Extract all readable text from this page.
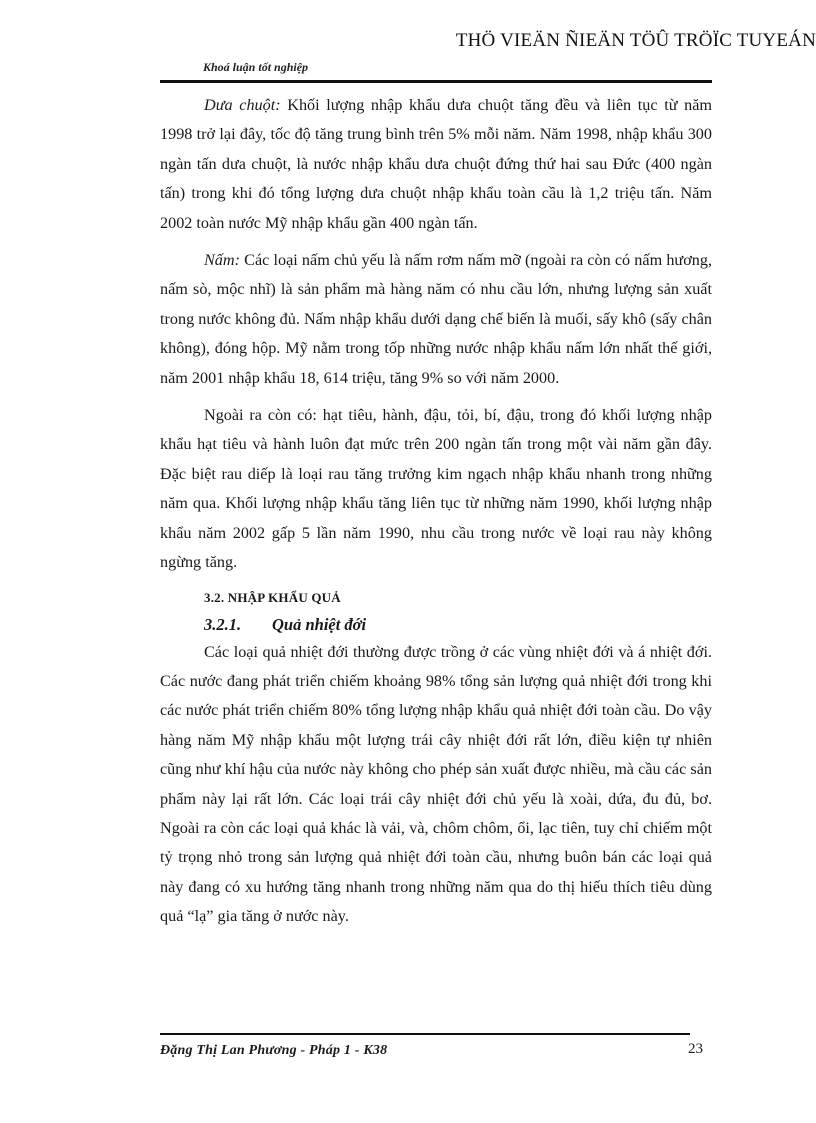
THÖ VIEÄN ÑIEÄN TÖÛ TRÖÏC TUYEÁN
Khoá luận tốt nghiệp

Dưa chuột: Khối lượng nhập khẩu dưa chuột tăng đều và liên tục từ năm 1998 trở lại đây, tốc độ tăng trung bình trên 5% mỗi năm. Năm 1998, nhập khẩu 300 ngàn tấn dưa chuột, là nước nhập khẩu dưa chuột đứng thứ hai sau Đức (400 ngàn tấn) trong khi đó tổng lượng dưa chuột nhập khẩu toàn cầu là 1,2 triệu tấn. Năm 2002 toàn nước Mỹ nhập khẩu gần 400 ngàn tấn.

Nấm: Các loại nấm chủ yếu là nấm rơm nấm mỡ (ngoài ra còn có nấm hương, nấm sò, mộc nhĩ) là sản phẩm mà hàng năm có nhu cầu lớn, nhưng lượng sản xuất trong nước không đủ. Nấm nhập khẩu dưới dạng chế biến là muối, sấy khô (sấy chân không), đóng hộp. Mỹ nằm trong tốp những nước nhập khẩu nấm lớn nhất thế giới, năm 2001 nhập khẩu 18, 614 triệu, tăng 9% so với năm 2000.

Ngoài ra còn có: hạt tiêu, hành, đậu, tỏi, bí, đậu, trong đó khối lượng nhập khẩu hạt tiêu và hành luôn đạt mức trên 200 ngàn tấn trong một vài năm gần đây. Đặc biệt rau diếp là loại rau tăng trưởng kim ngạch nhập khẩu nhanh trong những năm qua. Khối lượng nhập khẩu tăng liên tục từ những năm 1990, khối lượng nhập khẩu năm 2002 gấp 5 lần năm 1990, nhu cầu trong nước về loại rau này không ngừng tăng.

3.2. NHẬP KHẨU QUẢ
3.2.1.	Quả nhiệt đới

Các loại quả nhiệt đới thường được trồng ở các vùng nhiệt đới và á nhiệt đới. Các nước đang phát triển chiếm khoảng 98% tổng sản lượng quả nhiệt đới trong khi các nước phát triển chiếm 80% tổng lượng nhập khẩu quả nhiệt đới toàn cầu. Do vậy hàng năm Mỹ nhập khẩu một lượng trái cây nhiệt đới rất lớn, điều kiện tự nhiên cũng như khí hậu của nước này không cho phép sản xuất được nhiều, mà cầu các sản phẩm này lại rất lớn. Các loại trái cây nhiệt đới chủ yếu là xoài, dứa, đu đủ, bơ. Ngoài ra còn các loại quả khác là vải, và, chôm chôm, ổi, lạc tiên, tuy chỉ chiếm một tỷ trọng nhỏ trong sản lượng quả nhiệt đới toàn cầu, nhưng buôn bán các loại quả này đang có xu hướng tăng nhanh trong những năm qua do thị hiếu thích tiêu dùng quả “lạ” gia tăng ở nước này.

Đặng Thị Lan Phương - Pháp 1 - K38	23
